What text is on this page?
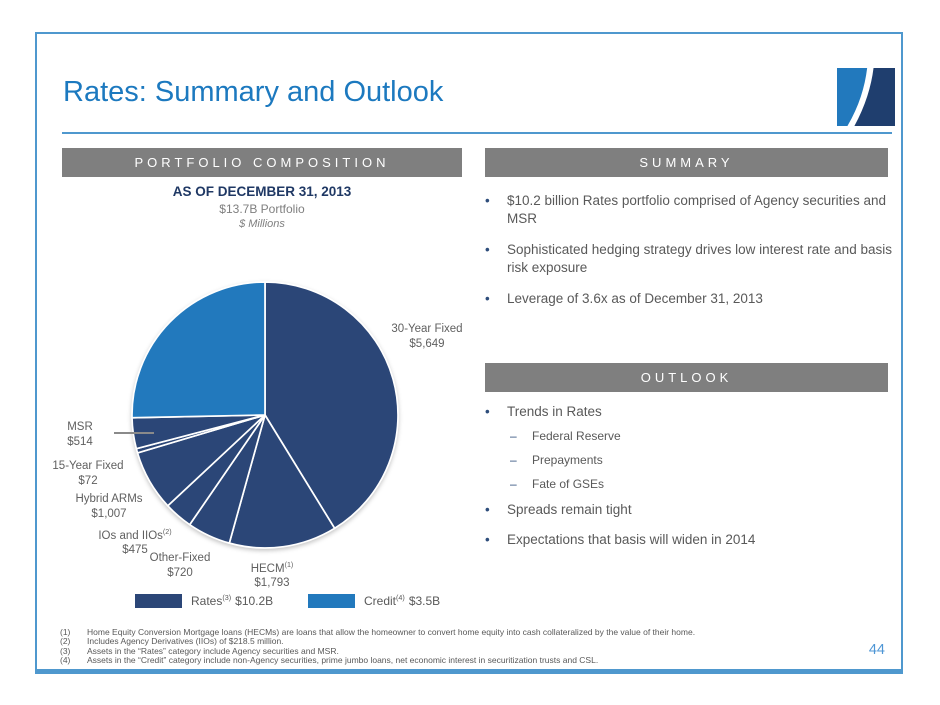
Rates: Summary and Outlook
PORTFOLIO COMPOSITION	SUMMARY
OUTLOOK
AS OF DECEMBER 31, 2013
$13.7B Portfolio
$ Millions
30-Year Fixed
$5,649
MSR
$514
15-Year Fixed
$72
Hybrid ARMs
$1,007
IOs and IIOs$^{(2)}$
$475
Other-Fixed
$720	HECM$^{(1)}$
$1,793
Rates$^{(3)}$ $10.2B	Credit$^{(4)}$ $3.5B
•
$10.2 billion Rates portfolio comprised of Agency securities and MSR
•
Sophisticated hedging strategy drives low interest rate and basis risk exposure
•
Leverage of 3.6x as of December 31, 2013
•
Trends in Rates
–
Federal Reserve
–
Prepayments
–
Fate of GSEs
•
Spreads remain tight
•
Expectations that basis will widen in 2014
(1)	Home Equity Conversion Mortgage loans (HECMs) are loans that allow the homeowner to convert home equity into cash collateralized by the value of their home.
(2)	Includes Agency Derivatives (IIOs) of $218.5 million.
(3)	Assets in the “Rates” category include Agency securities and MSR.
(4)	Assets in the “Credit” category include non-Agency securities, prime jumbo loans, net economic interest in securitization trusts and CSL.
44
